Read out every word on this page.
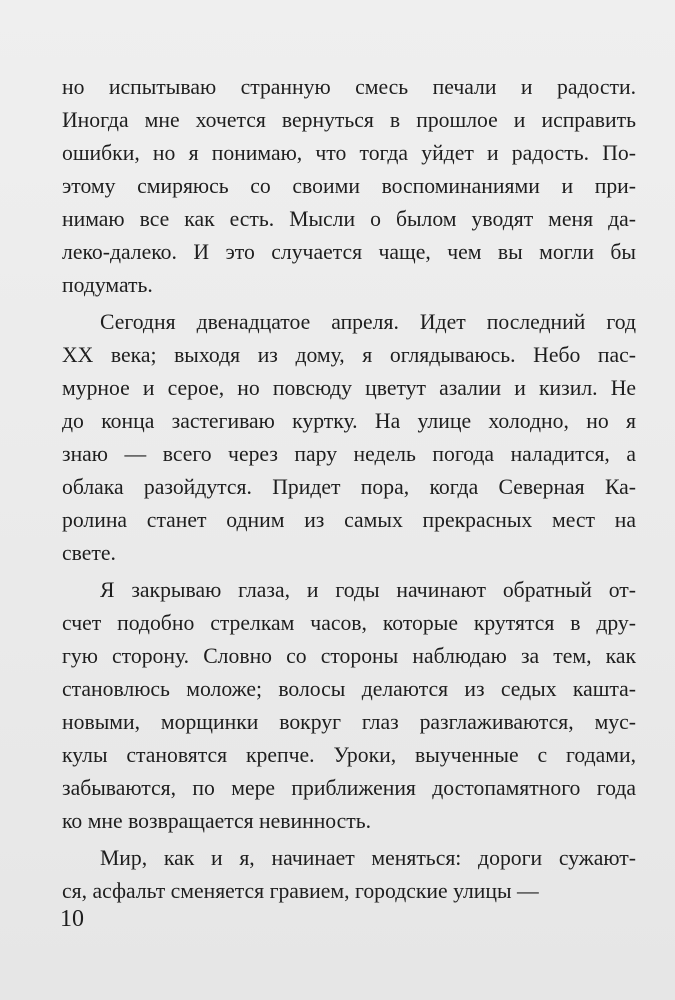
но испытываю странную смесь печали и радости.
Иногда мне хочется вернуться в прошлое и исправить
ошибки, но я понимаю, что тогда уйдет и радость. По-
этому смиряюсь со своими воспоминаниями и при-
нимаю все как есть. Мысли о былом уводят меня да-
леко-далеко. И это случается чаще, чем вы могли бы
подумать.
Сегодня двенадцатое апреля. Идет последний год
XX века; выходя из дому, я оглядываюсь. Небо пас-
мурное и серое, но повсюду цветут азалии и кизил. Не
до конца застегиваю куртку. На улице холодно, но я
знаю — всего через пару недель погода наладится, а
облака разойдутся. Придет пора, когда Северная Ка-
ролина станет одним из самых прекрасных мест на
свете.
Я закрываю глаза, и годы начинают обратный от-
счет подобно стрелкам часов, которые крутятся в дру-
гую сторону. Словно со стороны наблюдаю за тем, как
становлюсь моложе; волосы делаются из седых кашта-
новыми, морщинки вокруг глаз разглаживаются, мус-
кулы становятся крепче. Уроки, выученные с годами,
забываются, по мере приближения достопамятного года
ко мне возвращается невинность.
Мир, как и я, начинает меняться: дороги сужают-
ся, асфальт сменяется гравием, городские улицы —
10
